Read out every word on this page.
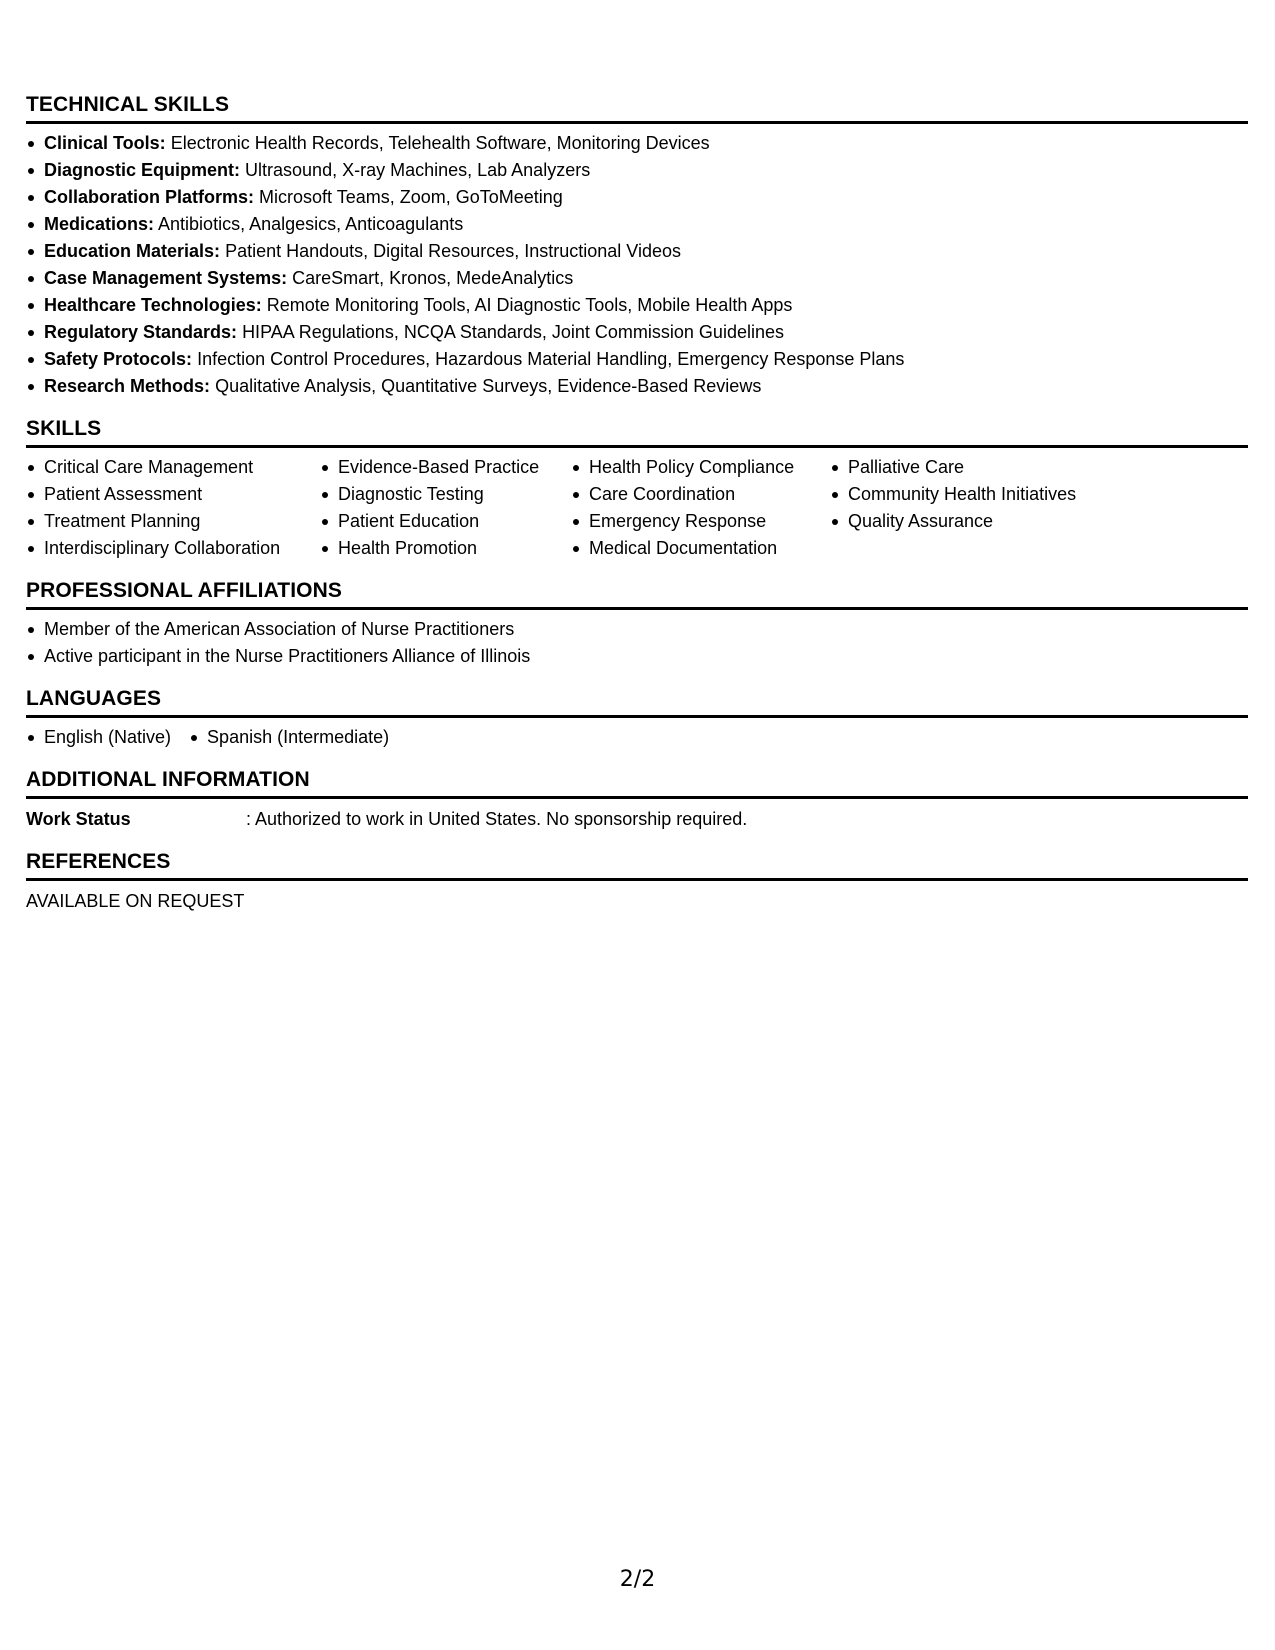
TECHNICAL SKILLS
Clinical Tools: Electronic Health Records, Telehealth Software, Monitoring Devices
Diagnostic Equipment: Ultrasound, X-ray Machines, Lab Analyzers
Collaboration Platforms: Microsoft Teams, Zoom, GoToMeeting
Medications: Antibiotics, Analgesics, Anticoagulants
Education Materials: Patient Handouts, Digital Resources, Instructional Videos
Case Management Systems: CareSmart, Kronos, MedeAnalytics
Healthcare Technologies: Remote Monitoring Tools, AI Diagnostic Tools, Mobile Health Apps
Regulatory Standards: HIPAA Regulations, NCQA Standards, Joint Commission Guidelines
Safety Protocols: Infection Control Procedures, Hazardous Material Handling, Emergency Response Plans
Research Methods: Qualitative Analysis, Quantitative Surveys, Evidence-Based Reviews
SKILLS
Critical Care Management
Patient Assessment
Treatment Planning
Interdisciplinary Collaboration
Evidence-Based Practice
Diagnostic Testing
Patient Education
Health Promotion
Health Policy Compliance
Care Coordination
Emergency Response
Medical Documentation
Palliative Care
Community Health Initiatives
Quality Assurance
PROFESSIONAL AFFILIATIONS
Member of the American Association of Nurse Practitioners
Active participant in the Nurse Practitioners Alliance of Illinois
LANGUAGES
English (Native)	Spanish (Intermediate)
ADDITIONAL INFORMATION
Work Status	: Authorized to work in United States. No sponsorship required.
REFERENCES
AVAILABLE ON REQUEST
2/2
